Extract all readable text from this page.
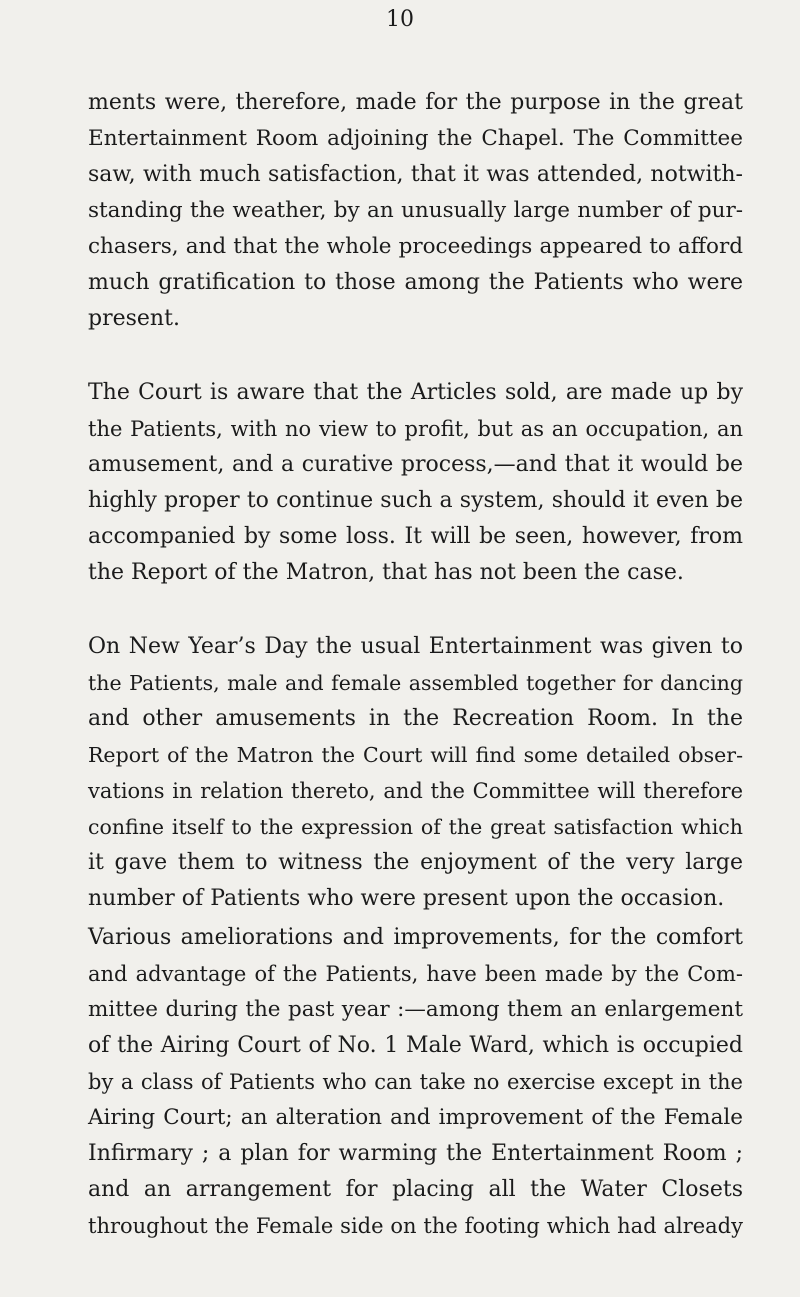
10
ments were, therefore, made for the purpose in the great
Entertainment Room adjoining the Chapel. The Committee
saw, with much satisfaction, that it was attended, notwith-
standing the weather, by an unusually large number of pur-
chasers, and that the whole proceedings appeared to afford
much gratification to those among the Patients who were
present.
The Court is aware that the Articles sold, are made up by
the Patients, with no view to profit, but as an occupation, an
amusement, and a curative process,—and that it would be
highly proper to continue such a system, should it even be
accompanied by some loss. It will be seen, however, from
the Report of the Matron, that has not been the case.
On New Year’s Day the usual Entertainment was given to
the Patients, male and female assembled together for dancing
and other amusements in the Recreation Room. In the
Report of the Matron the Court will find some detailed obser-
vations in relation thereto, and the Committee will therefore
confine itself to the expression of the great satisfaction which
it gave them to witness the enjoyment of the very large
number of Patients who were present upon the occasion.
Various ameliorations and improvements, for the comfort
and advantage of the Patients, have been made by the Com-
mittee during the past year :—among them an enlargement
of the Airing Court of No. 1 Male Ward, which is occupied
by a class of Patients who can take no exercise except in the
Airing Court; an alteration and improvement of the Female
Infirmary ; a plan for warming the Entertainment Room ;
and an arrangement for placing all the Water Closets
throughout the Female side on the footing which had already
